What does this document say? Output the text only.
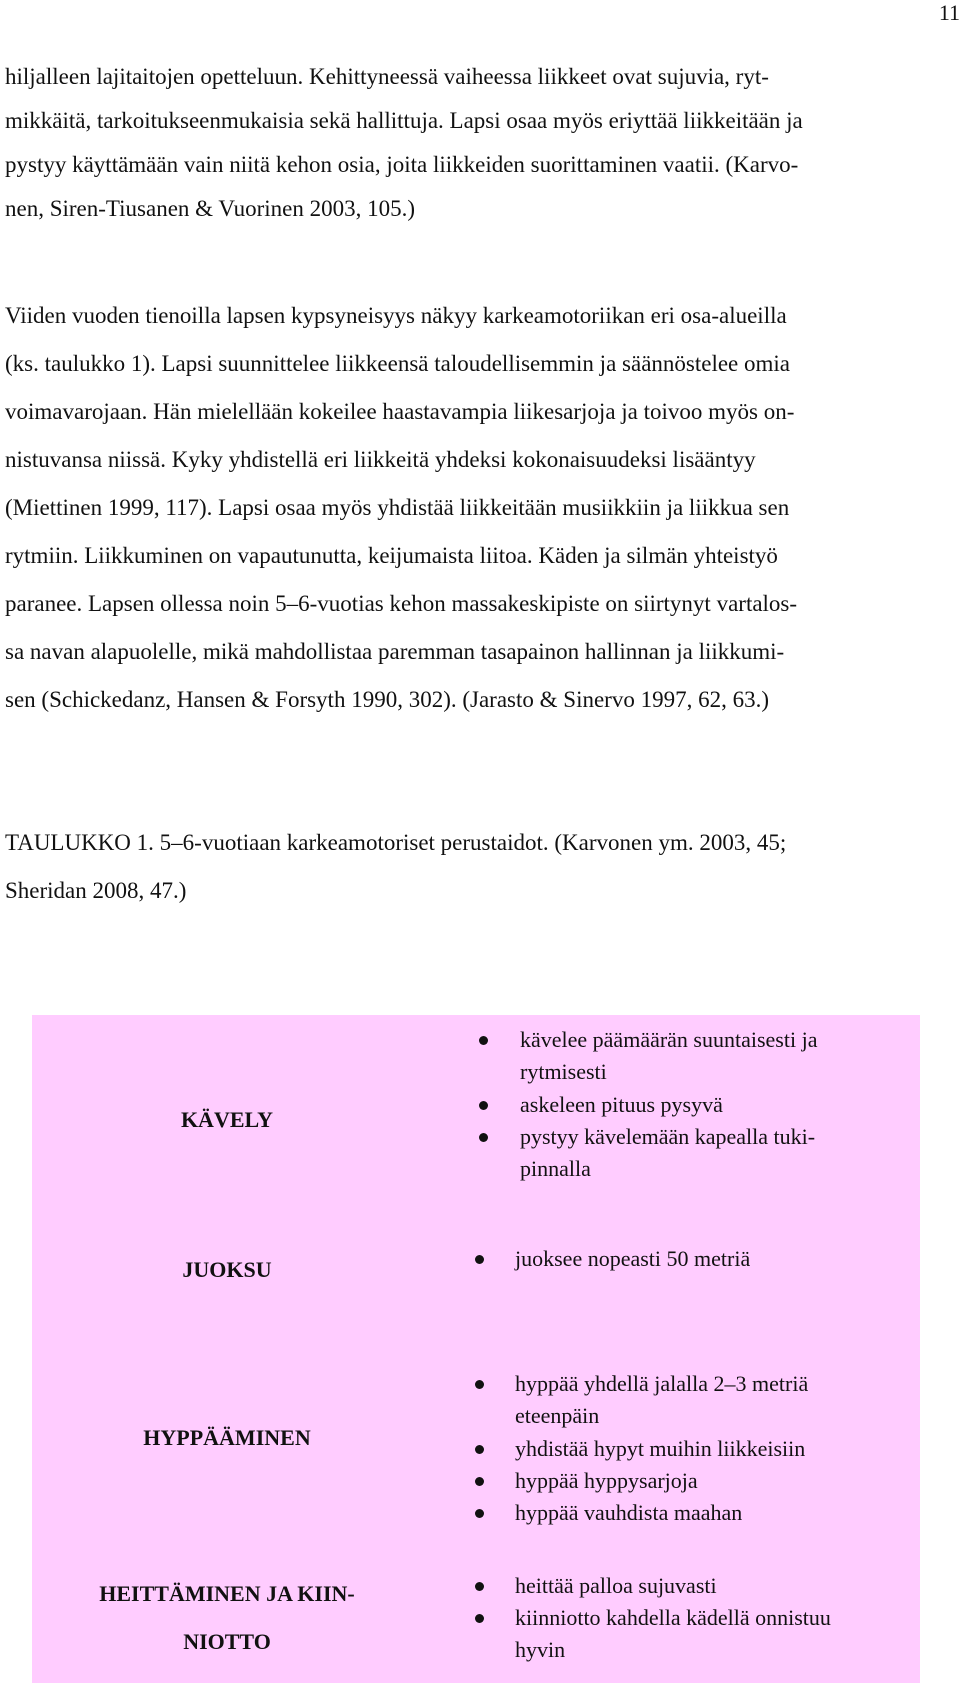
11
hiljalleen lajitaitojen opetteluun. Kehittyneessä vaiheessa liikkeet ovat sujuvia, ryt-
mikkäitä, tarkoitukseenmukaisia sekä hallittuja. Lapsi osaa myös eriyttää liikkeitään ja
pystyy käyttämään vain niitä kehon osia, joita liikkeiden suorittaminen vaatii. (Karvo-
nen, Siren-Tiusanen & Vuorinen 2003, 105.)
Viiden vuoden tienoilla lapsen kypsyneisyys näkyy karkeamotoriikan eri osa-alueilla
(ks. taulukko 1). Lapsi suunnittelee liikkeensä taloudellisemmin ja säännöstelee omia
voimavarojaan. Hän mielellään kokeilee haastavampia liikesarjoja ja toivoo myös on-
nistuvansa niissä. Kyky yhdistellä eri liikkeitä yhdeksi kokonaisuudeksi lisääntyy
(Miettinen 1999, 117). Lapsi osaa myös yhdistää liikkeitään musiikkiin ja liikkua sen
rytmiin. Liikkuminen on vapautunutta, keijumaista liitoa. Käden ja silmän yhteistyö
paranee. Lapsen ollessa noin 5–6-vuotias kehon massakeskipiste on siirtynyt vartalos-
sa navan alapuolelle, mikä mahdollistaa paremman tasapainon hallinnan ja liikkumi-
sen (Schickedanz, Hansen & Forsyth 1990, 302). (Jarasto & Sinervo 1997, 62, 63.)
TAULUKKO 1. 5–6-vuotiaan karkeamotoriset perustaidot. (Karvonen ym. 2003, 45;
Sheridan 2008, 47.)
KÄVELY
kävelee päämäärän suuntaisesti ja
rytmisesti
askeleen pituus pysyvä
pystyy kävelemään kapealla tuki-
pinnalla
JUOKSU	juoksee nopeasti 50 metriä
HYPPÄÄMINEN
hyppää yhdellä jalalla 2–3 metriä
eteenpäin
yhdistää hypyt muihin liikkeisiin
hyppää hyppysarjoja
hyppää vauhdista maahan
HEITTÄMINEN JA KIIN-
NIOTTO
heittää palloa sujuvasti
kiinniotto kahdella kädellä onnistuu
hyvin
